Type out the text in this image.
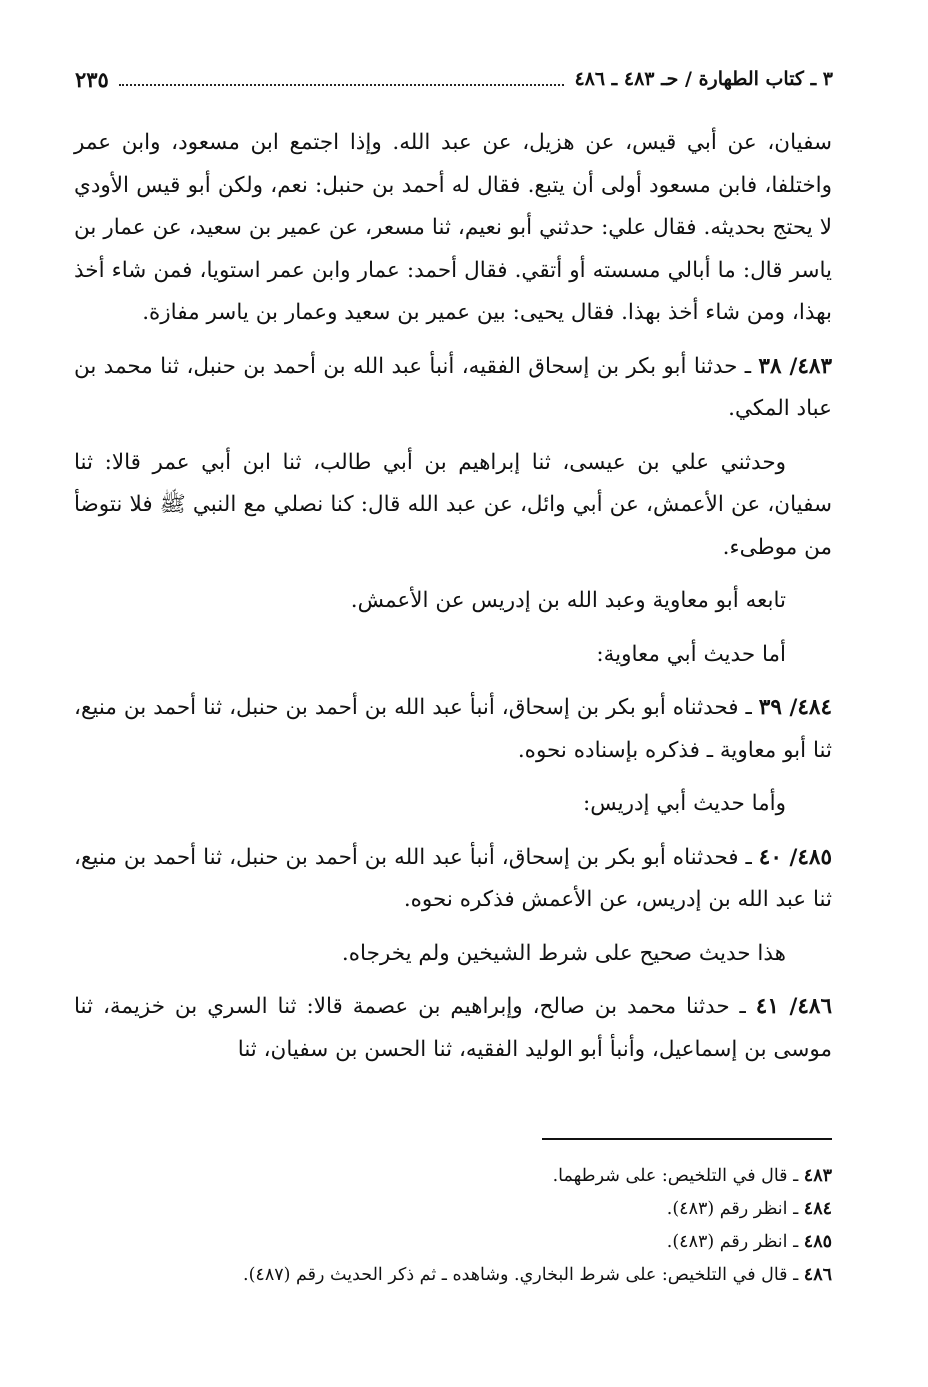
٣ ـ كتاب الطهارة / حـ ٤٨٣ ـ ٤٨٦
٢٣٥

سفيان، عن أبي قيس، عن هزيل، عن عبد الله. وإذا اجتمع ابن مسعود، وابن عمر واختلفا، فابن مسعود أولى أن يتبع. فقال له أحمد بن حنبل: نعم، ولكن أبو قيس الأودي لا يحتج بحديثه. فقال علي: حدثني أبو نعيم، ثنا مسعر، عن عمير بن سعيد، عن عمار بن ياسر قال: ما أبالي مسسته أو أتقي. فقال أحمد: عمار وابن عمر استويا، فمن شاء أخذ بهذا، ومن شاء أخذ بهذا. فقال يحيى: بين عمير بن سعيد وعمار بن ياسر مفازة.

٤٨٣/ ٣٨ ـ حدثنا أبو بكر بن إسحاق الفقيه، أنبأ عبد الله بن أحمد بن حنبل، ثنا محمد بن عباد المكي.

وحدثني علي بن عيسى، ثنا إبراهيم بن أبي طالب، ثنا ابن أبي عمر قالا: ثنا سفيان، عن الأعمش، عن أبي وائل، عن عبد الله قال: كنا نصلي مع النبي ﷺ فلا نتوضأ من موطىء.

تابعه أبو معاوية وعبد الله بن إدريس عن الأعمش.

أما حديث أبي معاوية:

٤٨٤/ ٣٩ ـ فحدثناه أبو بكر بن إسحاق، أنبأ عبد الله بن أحمد بن حنبل، ثنا أحمد بن منيع، ثنا أبو معاوية ـ فذكره بإسناده نحوه.

وأما حديث أبي إدريس:

٤٨٥/ ٤٠ ـ فحدثناه أبو بكر بن إسحاق، أنبأ عبد الله بن أحمد بن حنبل، ثنا أحمد بن منيع، ثنا عبد الله بن إدريس، عن الأعمش فذكره نحوه.

هذا حديث صحيح على شرط الشيخين ولم يخرجاه.

٤٨٦/ ٤١ ـ حدثنا محمد بن صالح، وإبراهيم بن عصمة قالا: ثنا السري بن خزيمة، ثنا موسى بن إسماعيل، وأنبأ أبو الوليد الفقيه، ثنا الحسن بن سفيان، ثنا

٤٨٣ ـ قال في التلخيص: على شرطهما.
٤٨٤ ـ انظر رقم (٤٨٣).
٤٨٥ ـ انظر رقم (٤٨٣).
٤٨٦ ـ قال في التلخيص: على شرط البخاري. وشاهده ـ ثم ذكر الحديث رقم (٤٨٧).
